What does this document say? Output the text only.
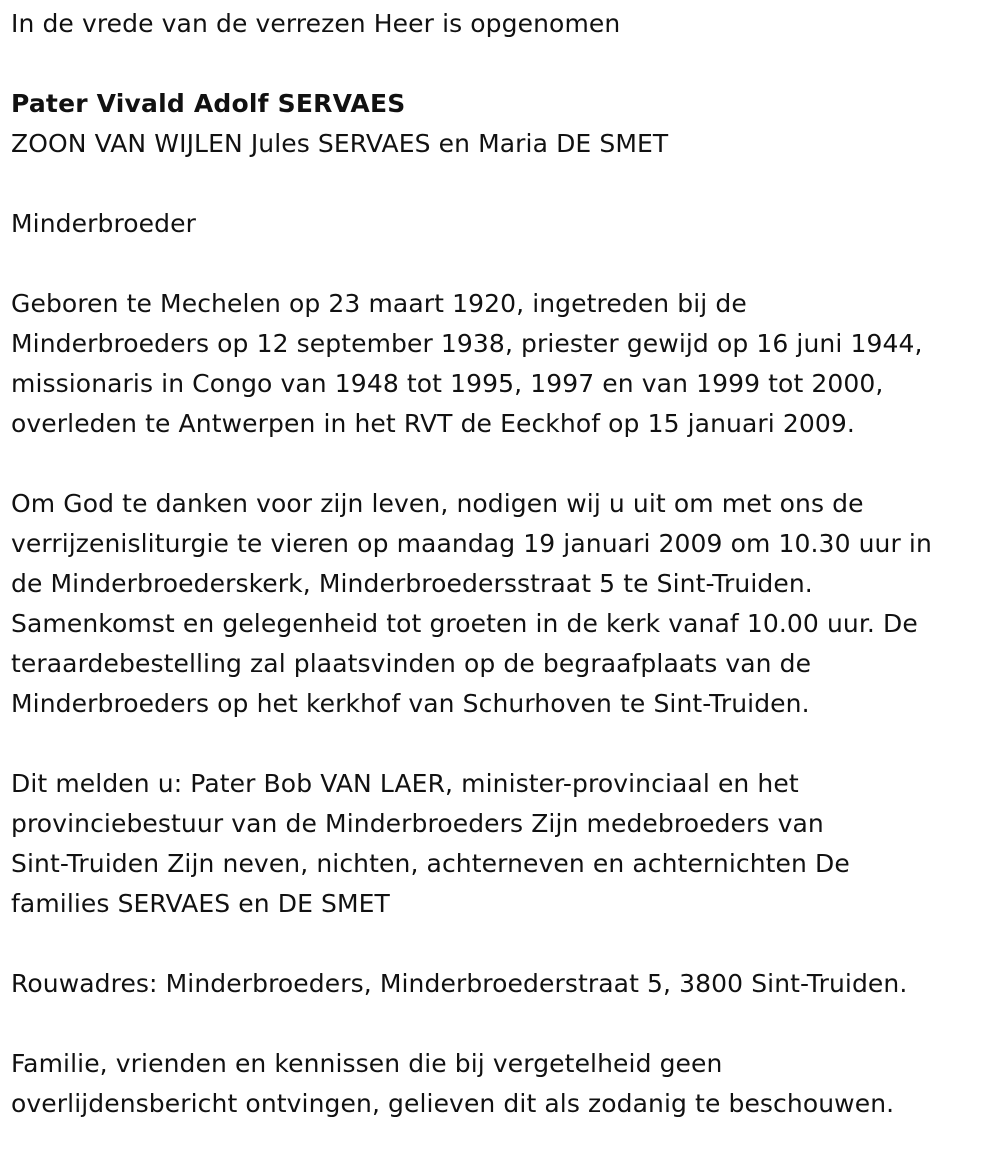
In de vrede van de verrezen Heer is opgenomen

Pater Vivald Adolf SERVAES

ZOON VAN WIJLEN Jules SERVAES en Maria DE SMET

Minderbroeder

Geboren te Mechelen op 23 maart 1920, ingetreden bij de

Minderbroeders op 12 september 1938, priester gewijd op 16 juni 1944,

missionaris in Congo van 1948 tot 1995, 1997 en van 1999 tot 2000,

overleden te Antwerpen in het RVT de Eeckhof op 15 januari 2009.

Om God te danken voor zijn leven, nodigen wij u uit om met ons de

verrijzenisliturgie te vieren op maandag 19 januari 2009 om 10.30 uur in

de Minderbroederskerk, Minderbroedersstraat 5 te Sint-Truiden.

Samenkomst en gelegenheid tot groeten in de kerk vanaf 10.00 uur. De

teraardebestelling zal plaatsvinden op de begraafplaats van de

Minderbroeders op het kerkhof van Schurhoven te Sint-Truiden.

Dit melden u: Pater Bob VAN LAER, minister-provinciaal en het

provinciebestuur van de Minderbroeders Zijn medebroeders van

Sint-Truiden Zijn neven, nichten, achterneven en achternichten De

families SERVAES en DE SMET

Rouwadres: Minderbroeders, Minderbroederstraat 5, 3800 Sint-Truiden.

Familie, vrienden en kennissen die bij vergetelheid geen

overlijdensbericht ontvingen, gelieven dit als zodanig te beschouwen.
